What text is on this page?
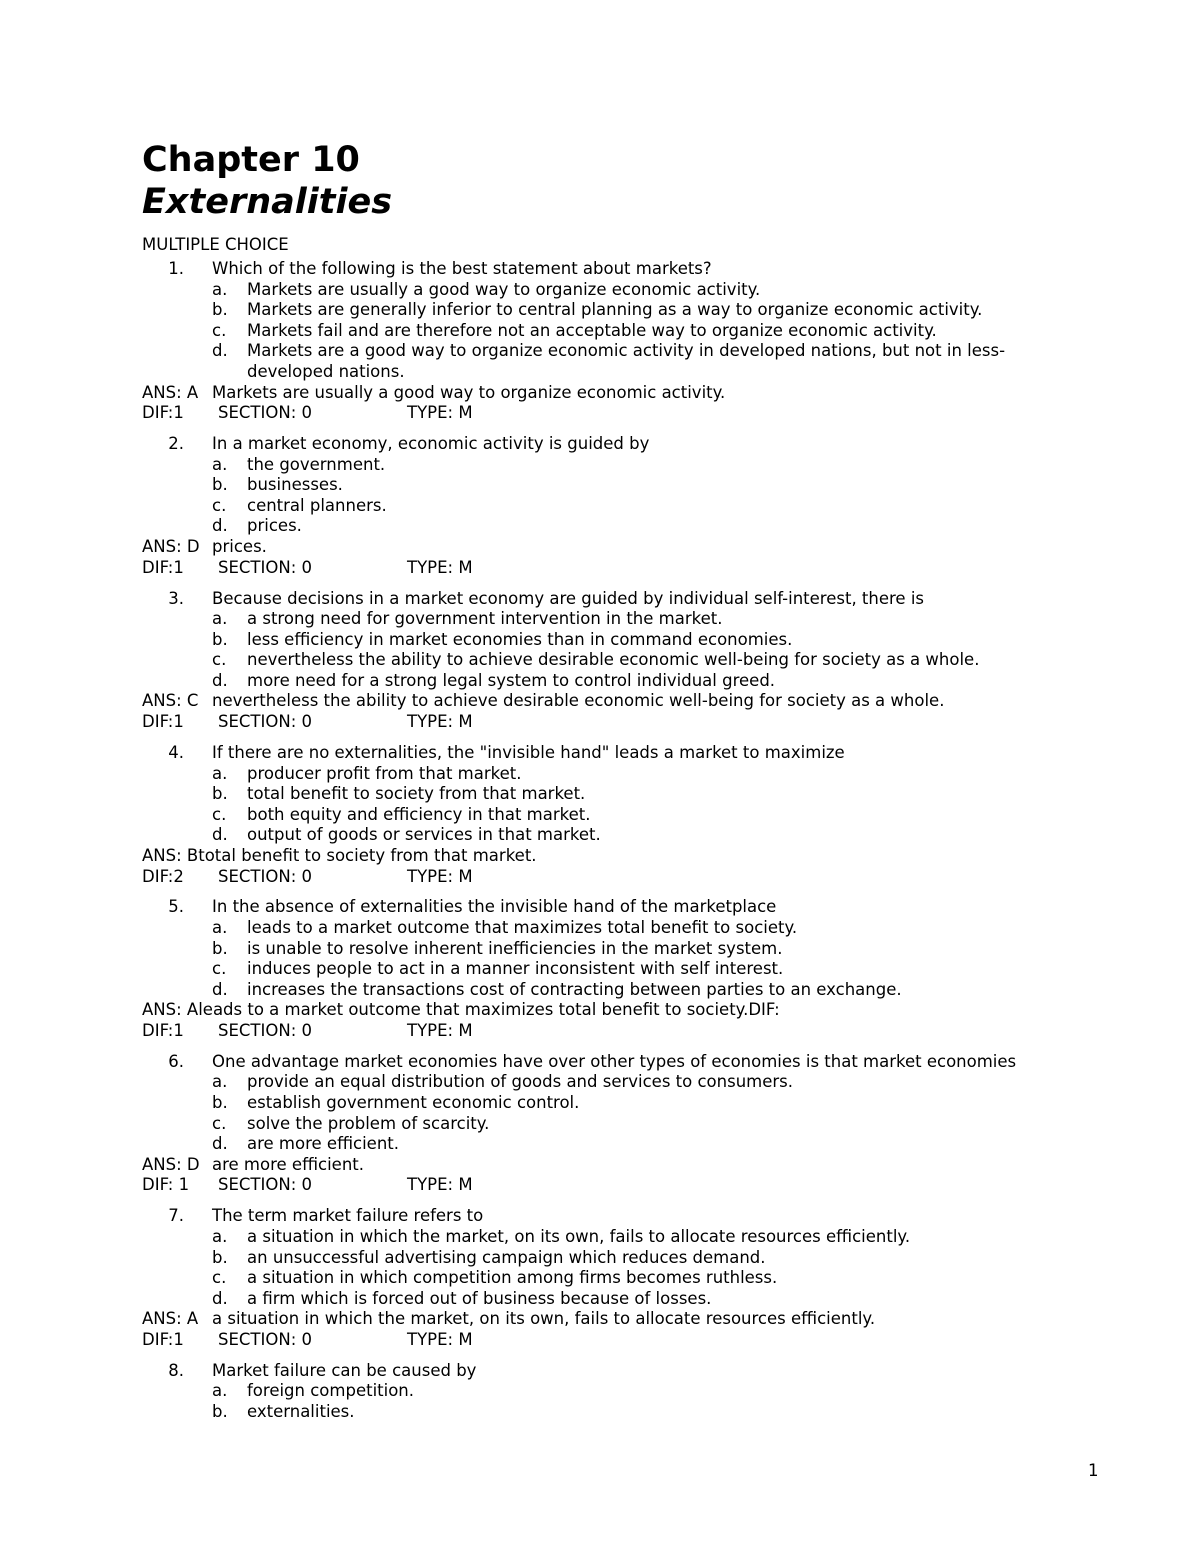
Chapter 10
Externalities
MULTIPLE CHOICE
1. Which of the following is the best statement about markets?
a.	Markets are usually a good way to organize economic activity.
b.	Markets are generally inferior to central planning as a way to organize economic activity.
c.	Markets fail and are therefore not an acceptable way to organize economic activity.
d.	Markets are a good way to organize economic activity in developed nations, but not in less-developed nations.
ANS: A Markets are usually a good way to organize economic activity.
DIF:1	SECTION: 0	TYPE: M
2. In a market economy, economic activity is guided by
a.	the government.
b.	businesses.
c.	central planners.
d.	prices.
ANS: D prices.
DIF:1	SECTION: 0	TYPE: M
3. Because decisions in a market economy are guided by individual self-interest, there is
a.	a strong need for government intervention in the market.
b.	less efficiency in market economies than in command economies.
c.	nevertheless the ability to achieve desirable economic well-being for society as a whole.
d.	more need for a strong legal system to control individual greed.
ANS: C nevertheless the ability to achieve desirable economic well-being for society as a whole.
DIF:1	SECTION: 0	TYPE: M
4. If there are no externalities, the "invisible hand" leads a market to maximize
a.	producer profit from that market.
b.	total benefit to society from that market.
c.	both equity and efficiency in that market.
d.	output of goods or services in that market.
ANS: B total benefit to society from that market.
DIF:2	SECTION: 0	TYPE: M
5. In the absence of externalities the invisible hand of the marketplace
a.	leads to a market outcome that maximizes total benefit to society.
b.	is unable to resolve inherent inefficiencies in the market system.
c.	induces people to act in a manner inconsistent with self interest.
d.	increases the transactions cost of contracting between parties to an exchange.
ANS: A leads to a market outcome that maximizes total benefit to society.DIF:
DIF:1	SECTION: 0	TYPE: M
6. One advantage market economies have over other types of economies is that market economies
a.	provide an equal distribution of goods and services to consumers.
b.	establish government economic control.
c.	solve the problem of scarcity.
d.	are more efficient.
ANS: D are more efficient.
DIF: 1	SECTION: 0	TYPE: M
7. The term market failure refers to
a.	a situation in which the market, on its own, fails to allocate resources efficiently.
b.	an unsuccessful advertising campaign which reduces demand.
c.	a situation in which competition among firms becomes ruthless.
d.	a firm which is forced out of business because of losses.
ANS: A a situation in which the market, on its own, fails to allocate resources efficiently.
DIF:1	SECTION: 0	TYPE: M
8. Market failure can be caused by
a.	foreign competition.
b.	externalities.
1
